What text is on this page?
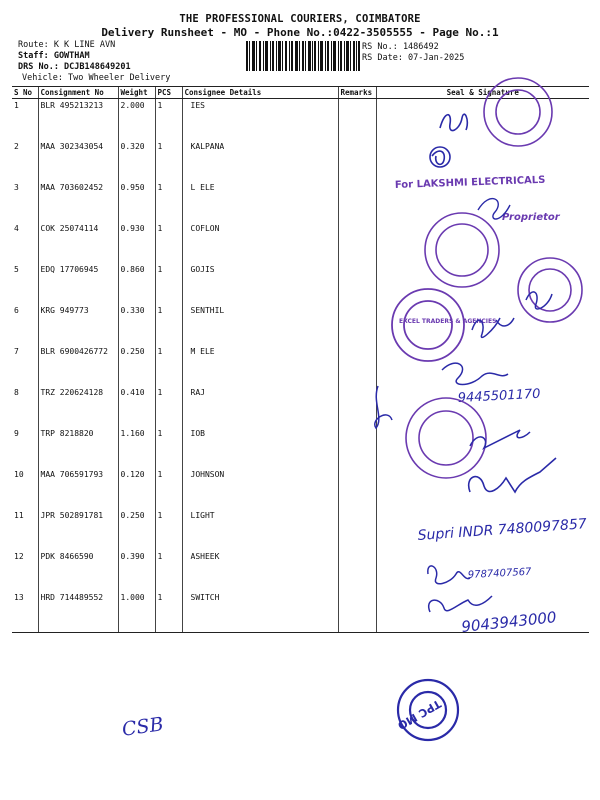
THE PROFESSIONAL COURIERS, COIMBATORE
Delivery Runsheet - MO - Phone No.:0422-3505555 - Page No.:1
Route: K K LINE AVN
Staff: GOWTHAM
DRS No.: DCJB148649201
Vehicle: Two Wheeler Delivery
RS No.: 1486492
RS Date: 07-Jan-2025
S No	Consignment No	Weight	PCS	Consignee Details	Remarks	Seal & Signature
1	BLR 495213213	2.000	1	IES		
2	MAA 302343054	0.320	1	KALPANA		
3	MAA 703602452	0.950	1	L ELE		
4	COK 25074114	0.930	1	COFLON		
5	EDQ 17706945	0.860	1	GOJIS		
6	KRG 949773	0.330	1	SENTHIL		
7	BLR 6900426772	0.250	1	M ELE		
8	TRZ 220624128	0.410	1	RAJ		
9	TRP 8218820	1.160	1	IOB		
10	MAA 706591793	0.120	1	JOHNSON		
11	JPR 502891781	0.250	1	LIGHT		
12	PDK 8466590	0.390	1	ASHEEK		
13	HRD 714489552	1.000	1	SWITCH		
For LAKSHMI ELECTRICALS
Proprietor
EXCEL TRADERS & AGENCIES
9445501170
Supri INDR 7480097857
9787407567
9043943000
TPC MO
CSB
